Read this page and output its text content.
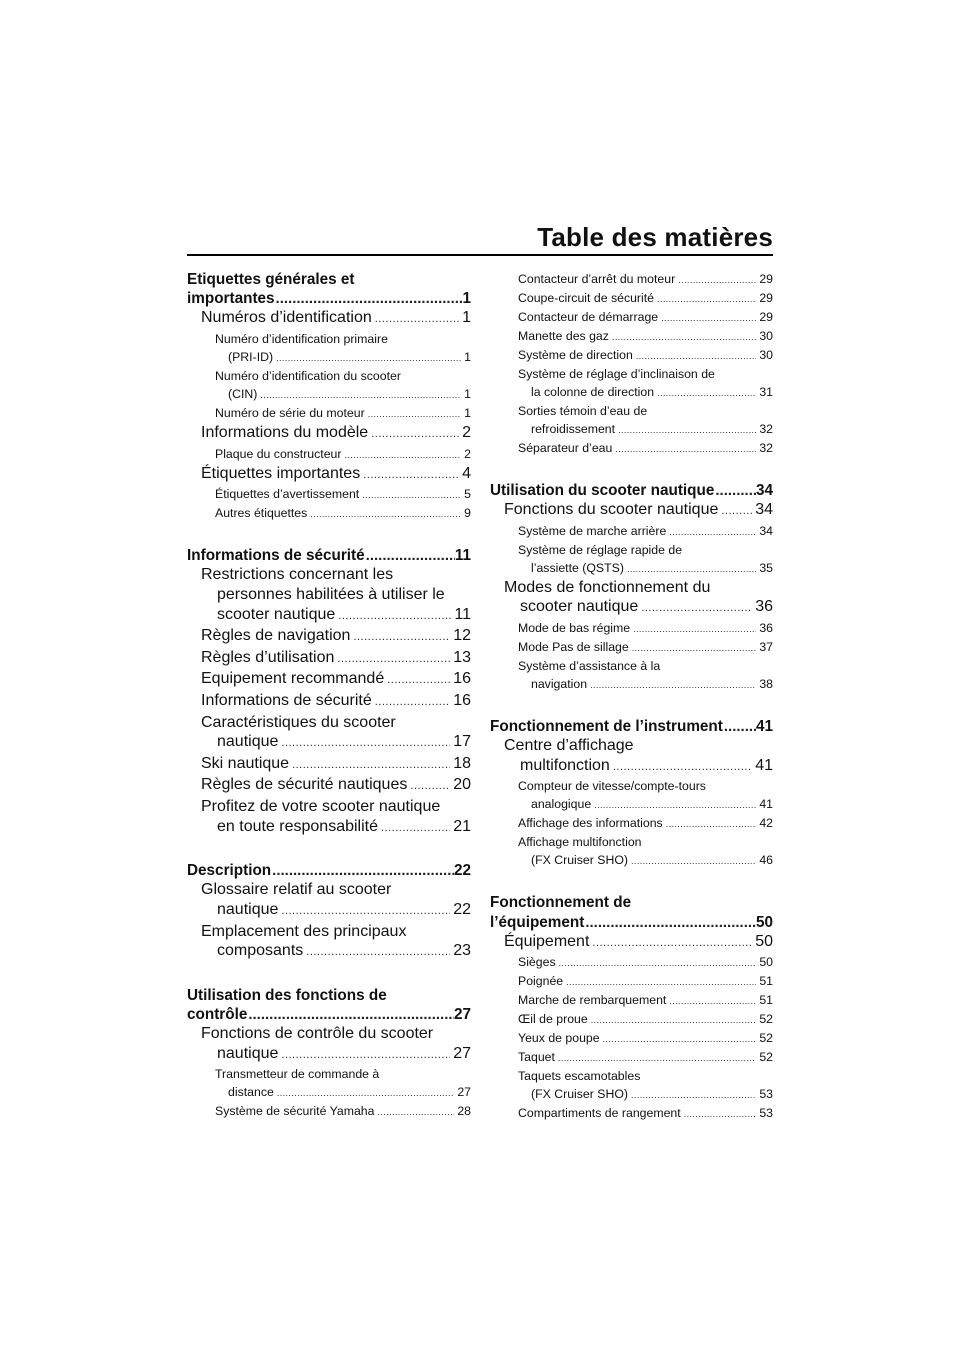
Table des matières
Etiquettes générales et
importantes .....	1
Numéros d’identification .....	1
Numéro d’identification primaire
(PRI-ID) .....	1
Numéro d’identification du scooter
(CIN) .....	1
Numéro de série du moteur .....	1
Informations du modèle .....	2
Plaque du constructeur .....	2
Étiquettes importantes .....	4
Étiquettes d’avertissement .....	5
Autres étiquettes .....	9
Informations de sécurité .....	11
Restrictions concernant les
personnes habilitées à utiliser le
scooter nautique .....	11
Règles de navigation .....	12
Règles d’utilisation .....	13
Equipement recommandé .....	16
Informations de sécurité .....	16
Caractéristiques du scooter
nautique .....	17
Ski nautique .....	18
Règles de sécurité nautiques .....	20
Profitez de votre scooter nautique
en toute responsabilité .....	21
Description .....	22
Glossaire relatif au scooter
nautique .....	22
Emplacement des principaux
composants .....	23
Utilisation des fonctions de
contrôle .....	27
Fonctions de contrôle du scooter
nautique .....	27
Transmetteur de commande à
distance .....	27
Système de sécurité Yamaha .....	28
Contacteur d’arrêt du moteur .....	29
Coupe-circuit de sécurité .....	29
Contacteur de démarrage .....	29
Manette des gaz .....	30
Système de direction .....	30
Système de réglage d’inclinaison de
la colonne de direction .....	31
Sorties témoin d’eau de
refroidissement .....	32
Séparateur d’eau .....	32
Utilisation du scooter nautique .....	34
Fonctions du scooter nautique ..... 34
Système de marche arrière .....	34
Système de réglage rapide de
l’assiette (QSTS) .....	35
Modes de fonctionnement du
scooter nautique .....	36
Mode de bas régime .....	36
Mode Pas de sillage .....	37
Système d’assistance à la
navigation .....	38
Fonctionnement de l’instrument ..... 41
Centre d’affichage
multifonction .....	41
Compteur de vitesse/compte-tours
analogique .....	41
Affichage des informations .....	42
Affichage multifonction
(FX Cruiser SHO) .....	46
Fonctionnement de
l’équipement .....	50
Équipement .....	50
Sièges .....	50
Poignée .....	51
Marche de rembarquement .....	51
Œil de proue .....	52
Yeux de poupe .....	52
Taquet .....	52
Taquets escamotables
(FX Cruiser SHO) .....	53
Compartiments de rangement .....	53
